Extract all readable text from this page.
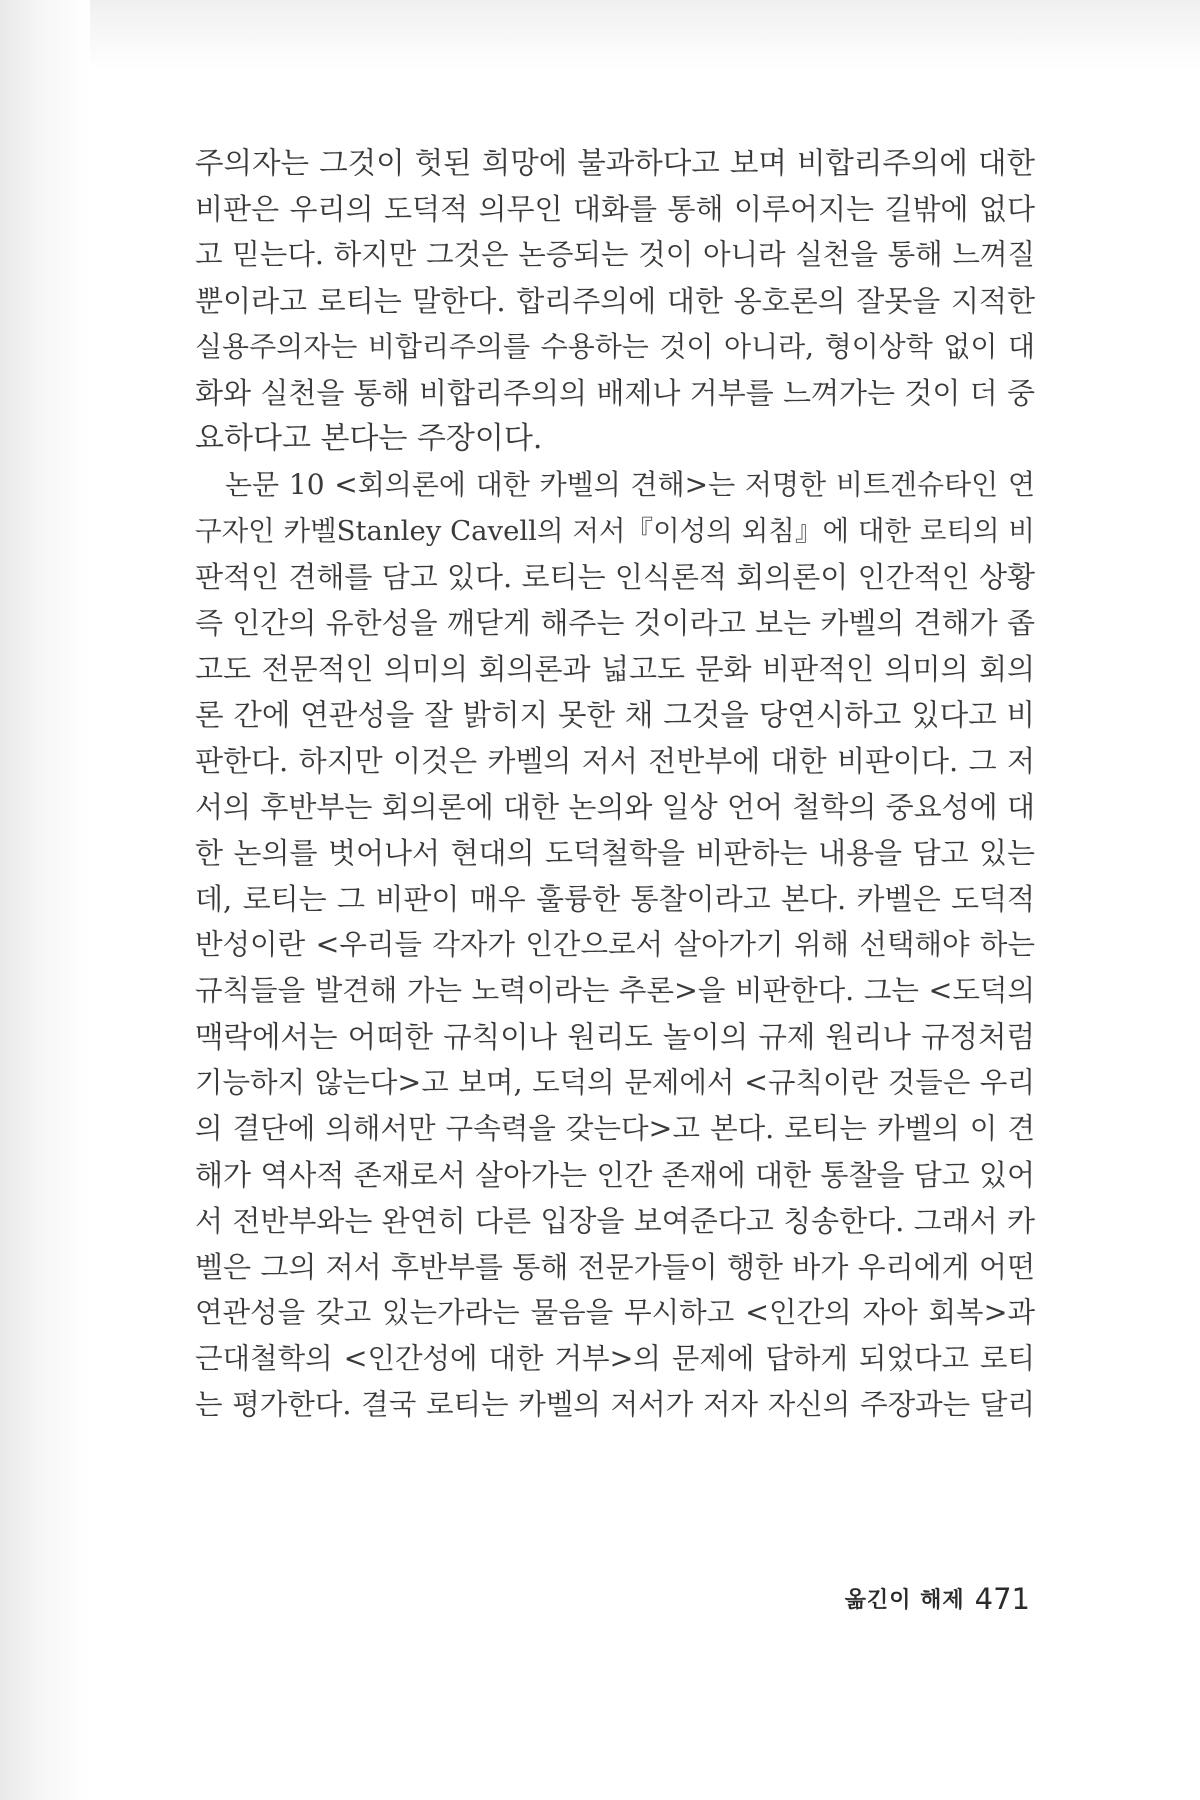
주의자는 그것이 헛된 희망에 불과하다고 보며 비합리주의에 대한
비판은 우리의 도덕적 의무인 대화를 통해 이루어지는 길밖에 없다
고 믿는다. 하지만 그것은 논증되는 것이 아니라 실천을 통해 느껴질
뿐이라고 로티는 말한다. 합리주의에 대한 옹호론의 잘못을 지적한
실용주의자는 비합리주의를 수용하는 것이 아니라, 형이상학 없이 대
화와 실천을 통해 비합리주의의 배제나 거부를 느껴가는 것이 더 중
요하다고 본다는 주장이다.
논문 10 <회의론에 대한 카벨의 견해>는 저명한 비트겐슈타인 연
구자인 카벨Stanley Cavell의 저서『이성의 외침』에 대한 로티의 비
판적인 견해를 담고 있다. 로티는 인식론적 회의론이 인간적인 상황
즉 인간의 유한성을 깨닫게 해주는 것이라고 보는 카벨의 견해가 좁
고도 전문적인 의미의 회의론과 넓고도 문화 비판적인 의미의 회의
론 간에 연관성을 잘 밝히지 못한 채 그것을 당연시하고 있다고 비
판한다. 하지만 이것은 카벨의 저서 전반부에 대한 비판이다. 그 저
서의 후반부는 회의론에 대한 논의와 일상 언어 철학의 중요성에 대
한 논의를 벗어나서 현대의 도덕철학을 비판하는 내용을 담고 있는
데, 로티는 그 비판이 매우 훌륭한 통찰이라고 본다. 카벨은 도덕적
반성이란 <우리들 각자가 인간으로서 살아가기 위해 선택해야 하는
규칙들을 발견해 가는 노력이라는 추론>을 비판한다. 그는 <도덕의
맥락에서는 어떠한 규칙이나 원리도 놀이의 규제 원리나 규정처럼
기능하지 않는다>고 보며, 도덕의 문제에서 <규칙이란 것들은 우리
의 결단에 의해서만 구속력을 갖는다>고 본다. 로티는 카벨의 이 견
해가 역사적 존재로서 살아가는 인간 존재에 대한 통찰을 담고 있어
서 전반부와는 완연히 다른 입장을 보여준다고 칭송한다. 그래서 카
벨은 그의 저서 후반부를 통해 전문가들이 행한 바가 우리에게 어떤
연관성을 갖고 있는가라는 물음을 무시하고 <인간의 자아 회복>과
근대철학의 <인간성에 대한 거부>의 문제에 답하게 되었다고 로티
는 평가한다. 결국 로티는 카벨의 저서가 저자 자신의 주장과는 달리
옮긴이 해제 471
